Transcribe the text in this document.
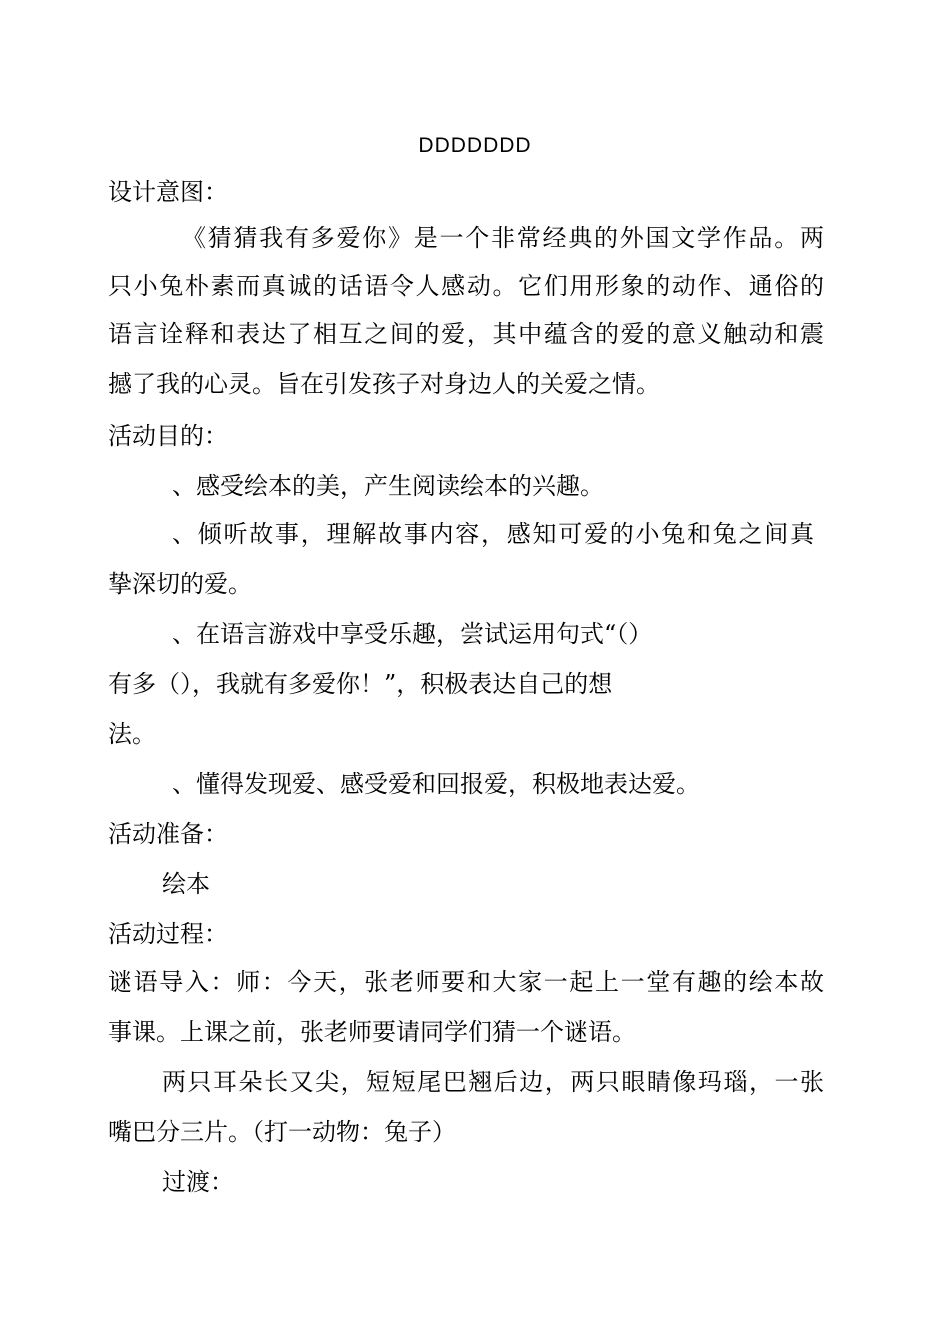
DDDDDDD
设计意图：
《猜猜我有多爱你》是一个非常经典的外国文学作品。两
只小兔朴素而真诚的话语令人感动。它们用形象的动作、通俗的
语言诠释和表达了相互之间的爱，其中蕴含的爱的意义触动和震
撼了我的心灵。旨在引发孩子对身边人的关爱之情。
活动目的：
、感受绘本的美，产生阅读绘本的兴趣。
、倾听故事，理解故事内容，感知可爱的小兔和兔之间真
挚深切的爱。
、在语言游戏中享受乐趣，尝试运用句式“（）
有多（），我就有多爱你！”，积极表达自己的想
法。
、懂得发现爱、感受爱和回报爱，积极地表达爱。
活动准备：
绘本
活动过程：
谜语导入：师：今天，张老师要和大家一起上一堂有趣的绘本故
事课。上课之前，张老师要请同学们猜一个谜语。
两只耳朵长又尖，短短尾巴翘后边，两只眼睛像玛瑙，一张
嘴巴分三片。（打一动物：兔子）
过渡：
